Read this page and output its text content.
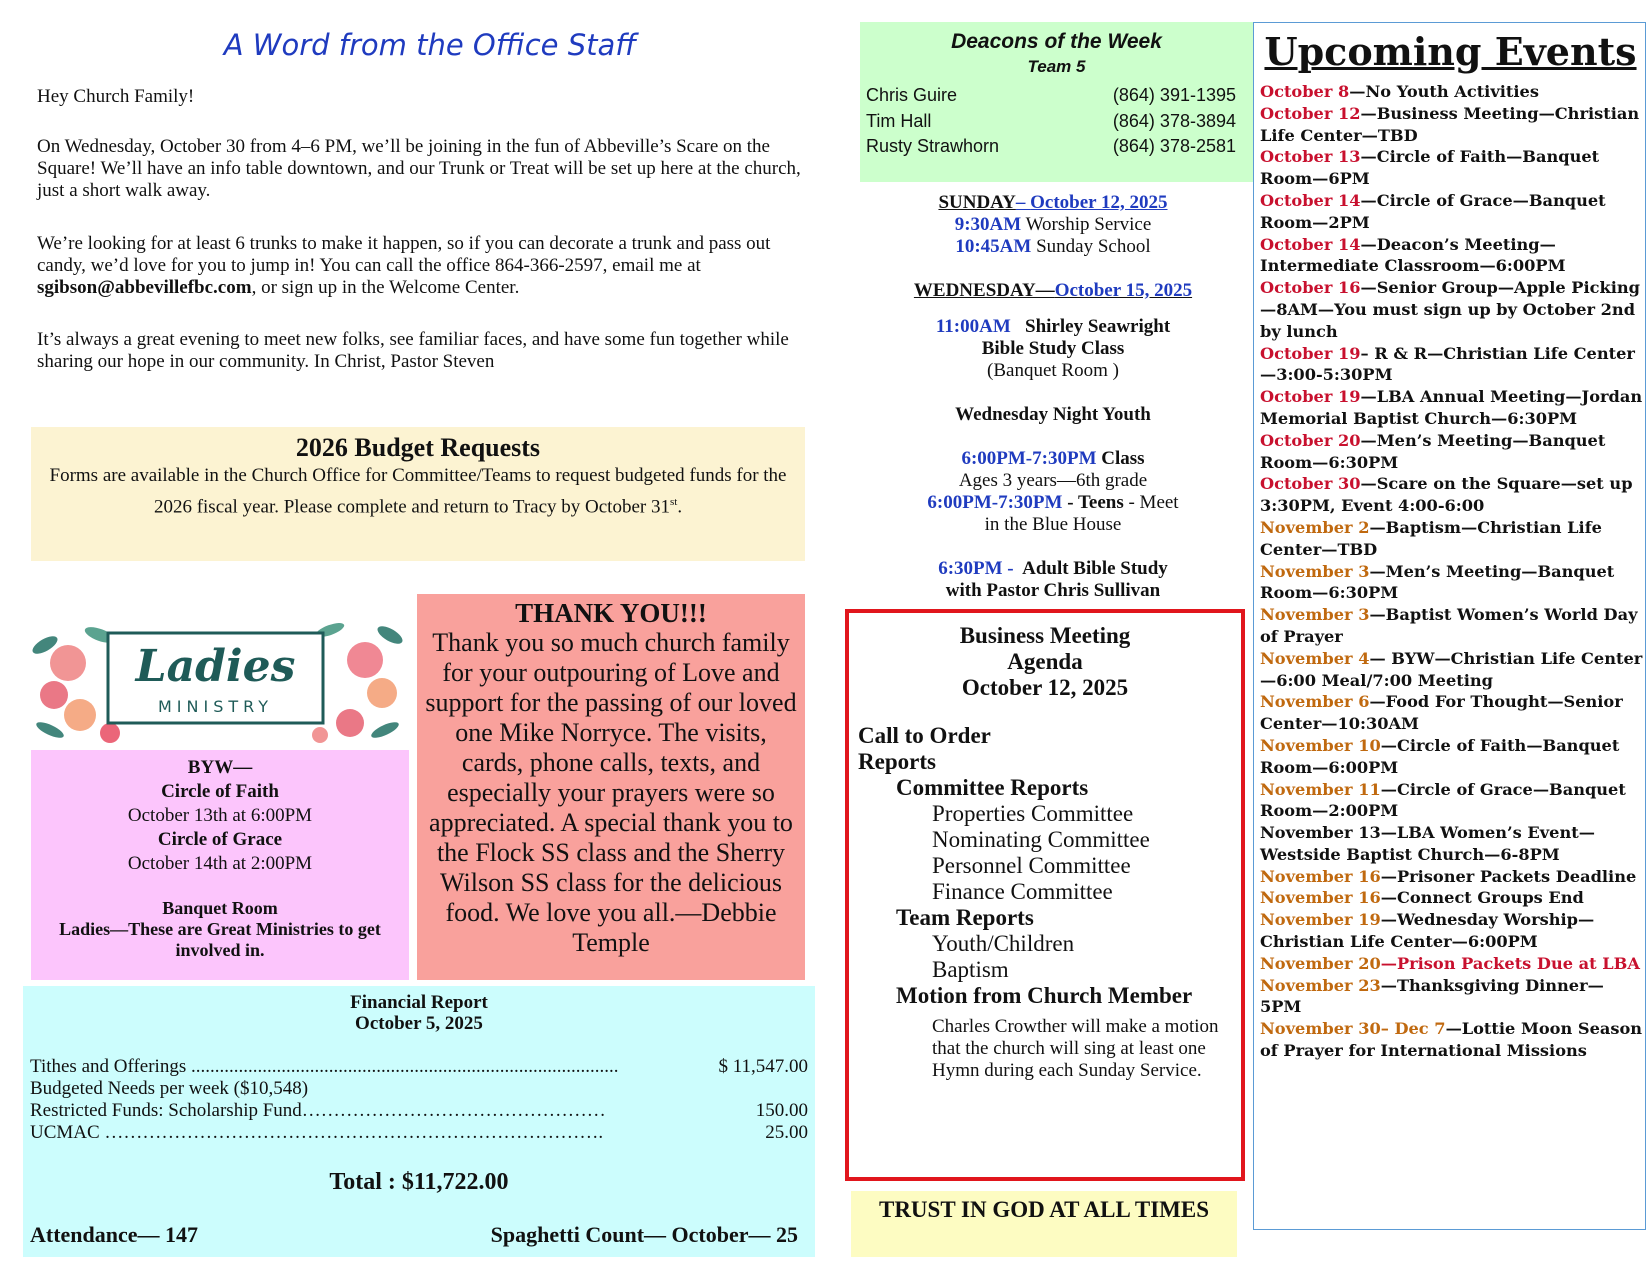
A Word from the Office Staff
Hey Church Family!
On Wednesday, October 30 from 4–6 PM, we’ll be joining in the fun of Abbeville’s Scare on the Square! We’ll have an info table downtown, and our Trunk or Treat will be set up here at the church, just a short walk away.
We’re looking for at least 6 trunks to make it happen, so if you can decorate a trunk and pass out candy, we’d love for you to jump in! You can call the office 864-366-2597, email me at sgibson@abbevillefbc.com, or sign up in the Welcome Center.
It’s always a great evening to meet new folks, see familiar faces, and have some fun together while sharing our hope in our community. In Christ, Pastor Steven
2026 Budget Requests
Forms are available in the Church Office for Committee/Teams to request budgeted funds for the 2026 fiscal year. Please complete and return to Tracy by October 31st.
Ladies
MINISTRY
BYW—
Circle of Faith
October 13th at 6:00PM
Circle of Grace
October 14th at 2:00PM
Banquet Room
Ladies—These are Great Ministries to get involved in.
THANK YOU!!!
Thank you so much church family for your outpouring of Love and support for the passing of our loved one Mike Norryce. The visits, cards, phone calls, texts, and especially your prayers were so appreciated. A special thank you to the Flock SS class and the Sherry Wilson SS class for the delicious food. We love you all.—Debbie Temple
Financial Report
October 5, 2025
Tithes and Offerings ..........................................................................................	$ 11,547.00
Budgeted Needs per week ($10,548)
Restricted Funds: Scholarship Fund…………………………………………	150.00
UCMAC …………………………………………………………………….	25.00
Total : $11,722.00
Attendance— 147	Spaghetti Count— October— 25
Deacons of the Week
Team 5
Chris Guire	(864) 391-1395
Tim Hall	(864) 378-3894
Rusty Strawhorn	(864) 378-2581
SUNDAY– October 12, 2025
9:30AM Worship Service
10:45AM Sunday School
WEDNESDAY—October 15, 2025
11:00AM   Shirley Seawright
Bible Study Class
(Banquet Room )
Wednesday Night Youth
6:00PM-7:30PM Class
Ages 3 years—6th grade
6:00PM-7:30PM - Teens - Meet
in the Blue House
6:30PM -  Adult Bible Study
with Pastor Chris Sullivan
Business Meeting
Agenda
October 12, 2025
Call to Order
Reports
Committee Reports
Properties Committee
Nominating Committee
Personnel Committee
Finance Committee
Team Reports
Youth/Children
Baptism
Motion from Church Member
Charles Crowther will make a motion that the church will sing at least one Hymn during each Sunday Service.
TRUST IN GOD AT ALL TIMES
Upcoming Events
October 8—No Youth Activities
October 12—Business Meeting—Christian Life Center—TBD
October 13—Circle of Faith—Banquet Room—6PM
October 14—Circle of Grace—Banquet Room—2PM
October 14—Deacon’s Meeting—Intermediate Classroom—6:00PM
October 16—Senior Group—Apple Picking—8AM—You must sign up by October 2nd by lunch
October 19– R & R—Christian Life Center—3:00-5:30PM
October 19—LBA Annual Meeting—Jordan Memorial Baptist Church—6:30PM
October 20—Men’s Meeting—Banquet Room—6:30PM
October 30—Scare on the Square—set up 3:30PM, Event 4:00-6:00
November 2—Baptism—Christian Life Center—TBD
November 3—Men’s Meeting—Banquet Room—6:30PM
November 3—Baptist Women’s World Day of Prayer
November 4— BYW—Christian Life Center—6:00 Meal/7:00 Meeting
November 6—Food For Thought—Senior Center—10:30AM
November 10—Circle of Faith—Banquet Room—6:00PM
November 11—Circle of Grace—Banquet Room—2:00PM
November 13—LBA Women’s Event—Westside Baptist Church—6-8PM
November 16—Prisoner Packets Deadline
November 16—Connect Groups End
November 19—Wednesday Worship—Christian Life Center—6:00PM
November 20—Prison Packets Due at LBA
November 23—Thanksgiving Dinner—5PM
November 30– Dec 7—Lottie Moon Season of Prayer for International Missions
